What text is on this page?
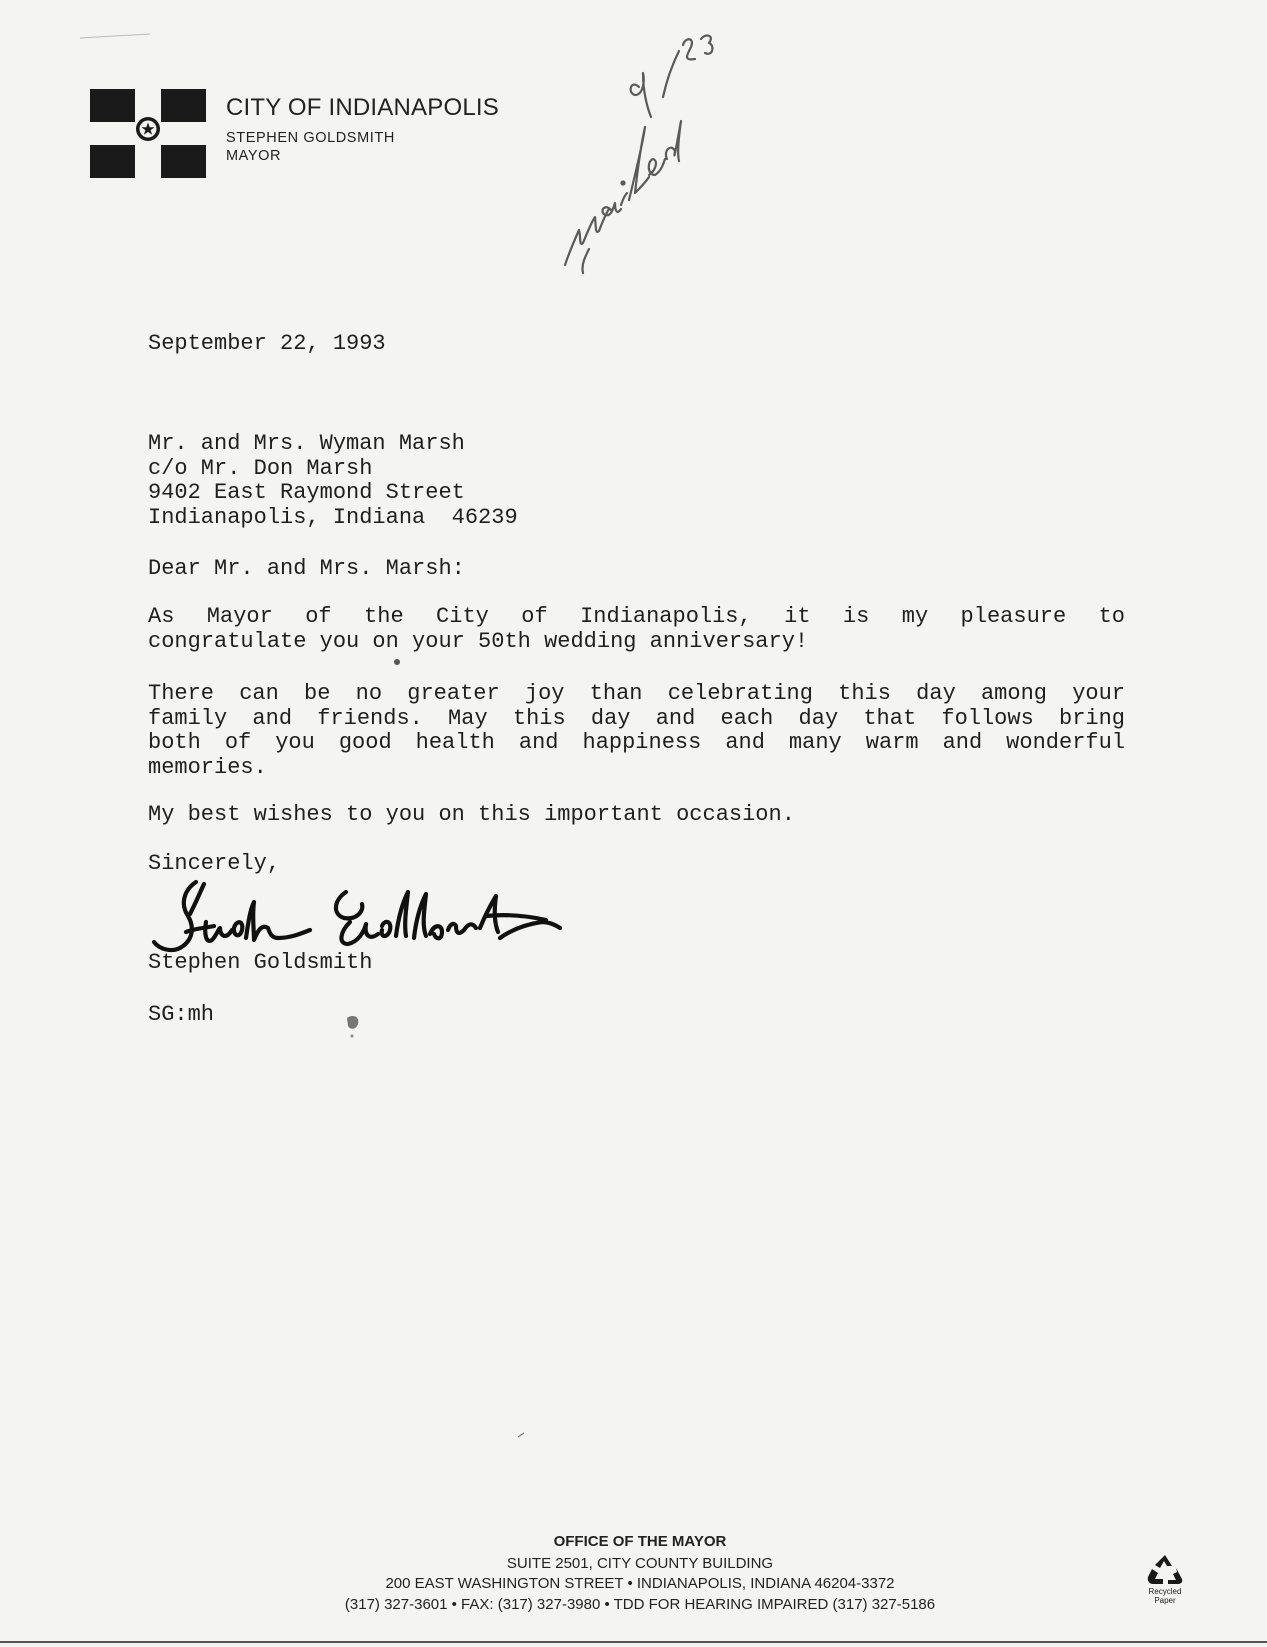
CITY OF INDIANAPOLIS
STEPHEN GOLDSMITH
MAYOR
September 22, 1993
Mr. and Mrs. Wyman Marsh
c/o Mr. Don Marsh
9402 East Raymond Street
Indianapolis, Indiana  46239
Dear Mr. and Mrs. Marsh:
As Mayor of the City of Indianapolis, it is my pleasure to
congratulate you on your 50th wedding anniversary!
There can be no greater joy than celebrating this day among your
family and friends. May this day and each day that follows bring
both of you good health and happiness and many warm and wonderful
memories.
My best wishes to you on this important occasion.
Sincerely,
Stephen Goldsmith
SG:mh
OFFICE OF THE MAYOR
SUITE 2501, CITY COUNTY BUILDING
200 EAST WASHINGTON STREET • INDIANAPOLIS, INDIANA 46204-3372
(317) 327-3601 • FAX: (317) 327-3980 • TDD FOR HEARING IMPAIRED (317) 327-5186
Recycled
Paper
